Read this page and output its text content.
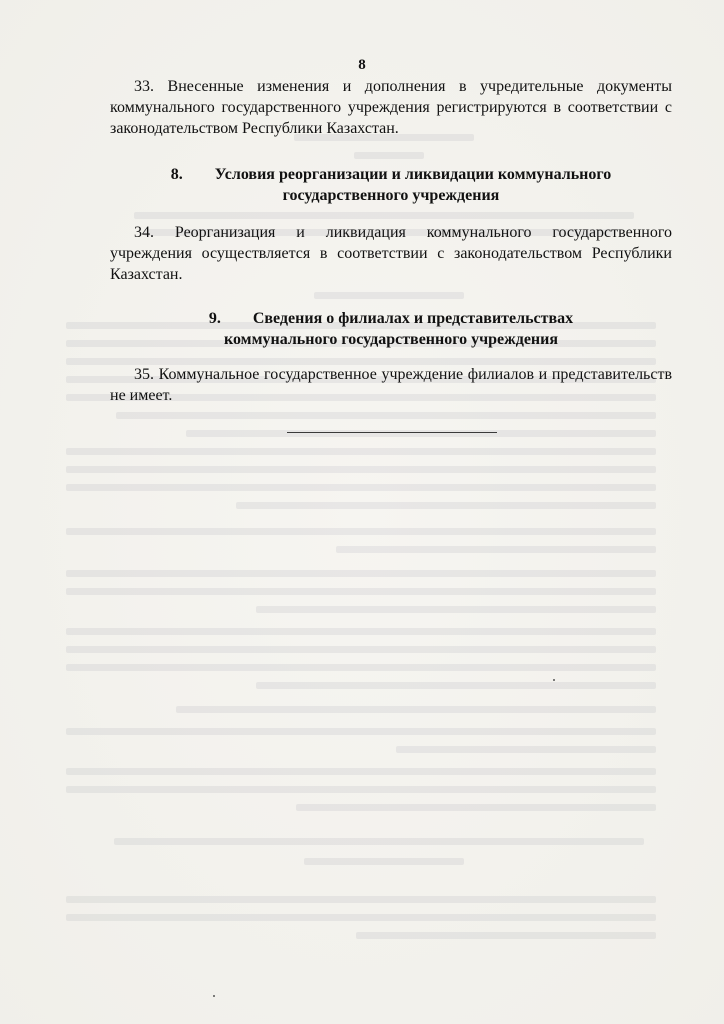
8

33. Внесенные изменения и дополнения в учредительные документы коммунального государственного учреждения регистрируются в соответствии с законодательством Республики Казахстан.

8. Условия реорганизации и ликвидации коммунального
государственного учреждения

34. Реорганизация и ликвидация коммунального государственного учреждения осуществляется в соответствии с законодательством Республики Казахстан.

9. Сведения о филиалах и представительствах
коммунального государственного учреждения

35. Коммунальное государственное учреждение филиалов и представительств не имеет.
